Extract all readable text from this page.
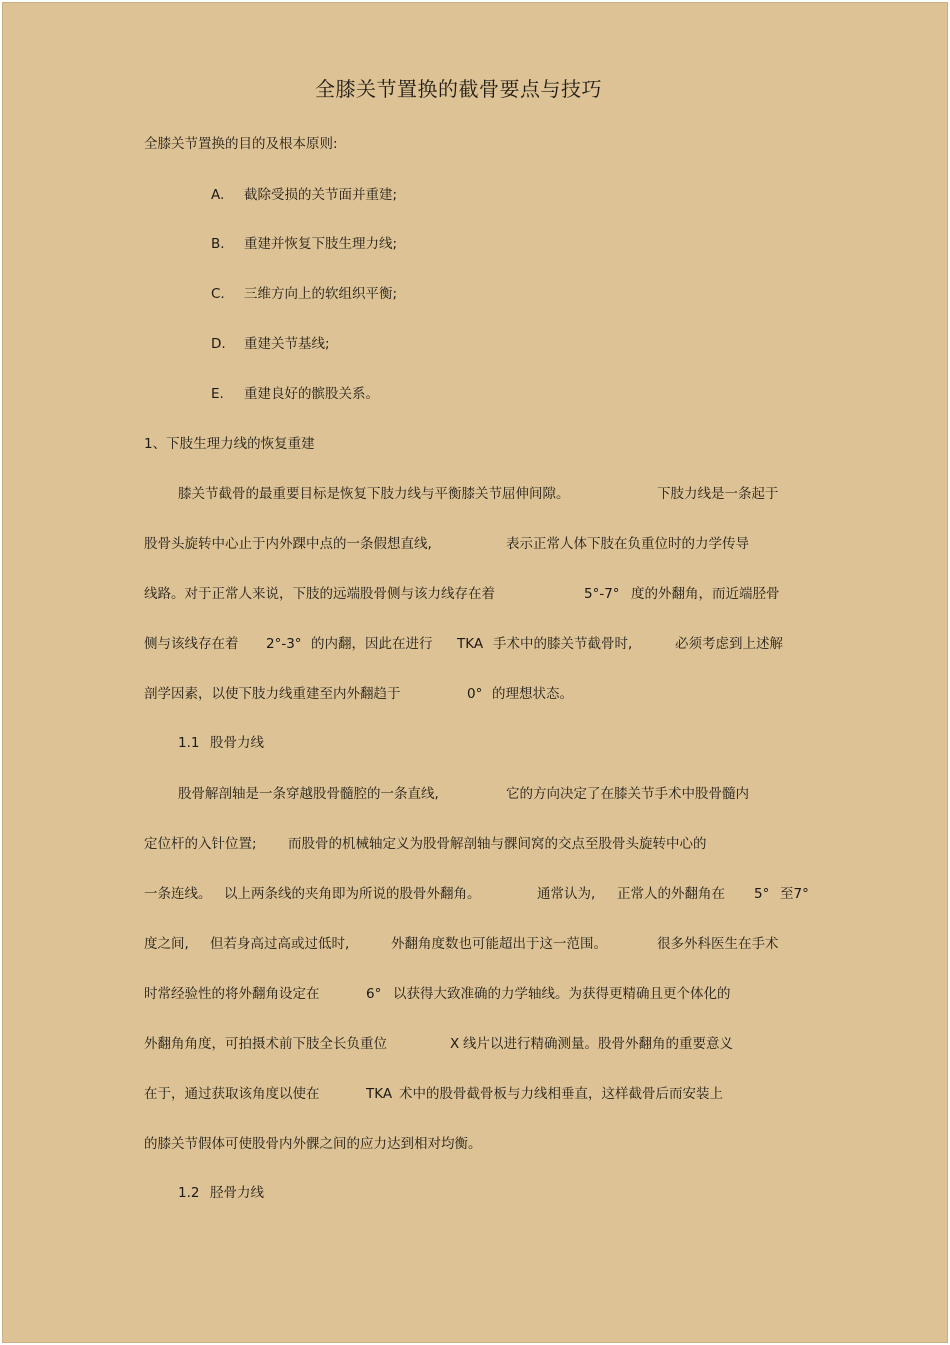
全膝关节置换的截骨要点与技巧
全膝关节置换的目的及根本原则:
A. 截除受损的关节面并重建;
B. 重建并恢复下肢生理力线;
C. 三维方向上的软组织平衡;
D. 重建关节基线;
E. 重建良好的髌股关系。
1、下肢生理力线的恢复重建
膝关节截骨的最重要目标是恢复下肢力线与平衡膝关节屈伸间隙。	下肢力线是一条起于
股骨头旋转中心止于内外踝中点的一条假想直线,	表示正常人体下肢在负重位时的力学传导
线路。对于正常人来说，下肢的远端股骨侧与该力线存在着	5°-7° 度的外翻角，而近端胫骨
侧与该线存在着 2°-3° 的内翻，因此在进行 TKA 手术中的膝关节截骨时,	必须考虑到上述解
剖学因素，以使下肢力线重建至内外翻趋于	0° 的理想状态。
1.1 股骨力线
股骨解剖轴是一条穿越股骨髓腔的一条直线,	它的方向决定了在膝关节手术中股骨髓内
定位杆的入针位置; 而股骨的机械轴定义为股骨解剖轴与髁间窝的交点至股骨头旋转中心的
一条连线。 以上两条线的夹角即为所说的股骨外翻角。	通常认为, 正常人的外翻角在 5° 至7°
度之间, 但若身高过高或过低时,	外翻角度数也可能超出于这一范围。	很多外科医生在手术
时常经验性的将外翻角设定在	6° 以获得大致准确的力学轴线。为获得更精确且更个体化的
外翻角角度，可拍摄术前下肢全长负重位	X 线片以进行精确测量。股骨外翻角的重要意义
在于，通过获取该角度以使在	TKA 术中的股骨截骨板与力线相垂直，这样截骨后而安装上
的膝关节假体可使股骨内外髁之间的应力达到相对均衡。
1.2 胫骨力线
